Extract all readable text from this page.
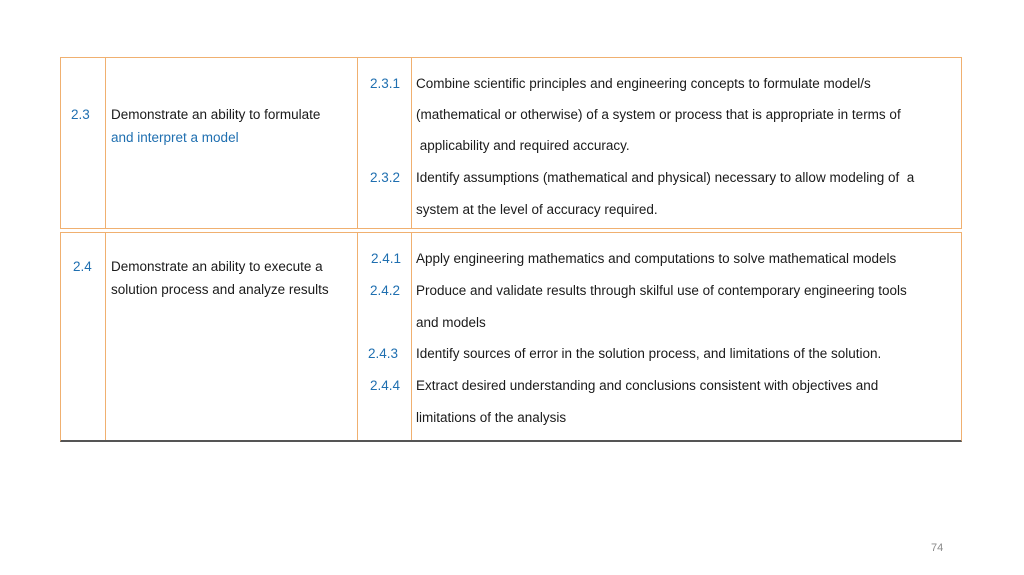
2.3 Demonstrate an ability to formulate
and interpret a model
2.3.1 Combine scientific principles and engineering concepts to formulate model/s
(mathematical or otherwise) of a system or process that is appropriate in terms of
applicability and required accuracy.
2.3.2 Identify assumptions (mathematical and physical) necessary to allow modeling of  a
system at the level of accuracy required.
2.4 Demonstrate an ability to execute a
solution process and analyze results
2.4.1 Apply engineering mathematics and computations to solve mathematical models
2.4.2 Produce and validate results through skilful use of contemporary engineering tools
and models
2.4.3 Identify sources of error in the solution process, and limitations of the solution.
2.4.4 Extract desired understanding and conclusions consistent with objectives and
limitations of the analysis
74
